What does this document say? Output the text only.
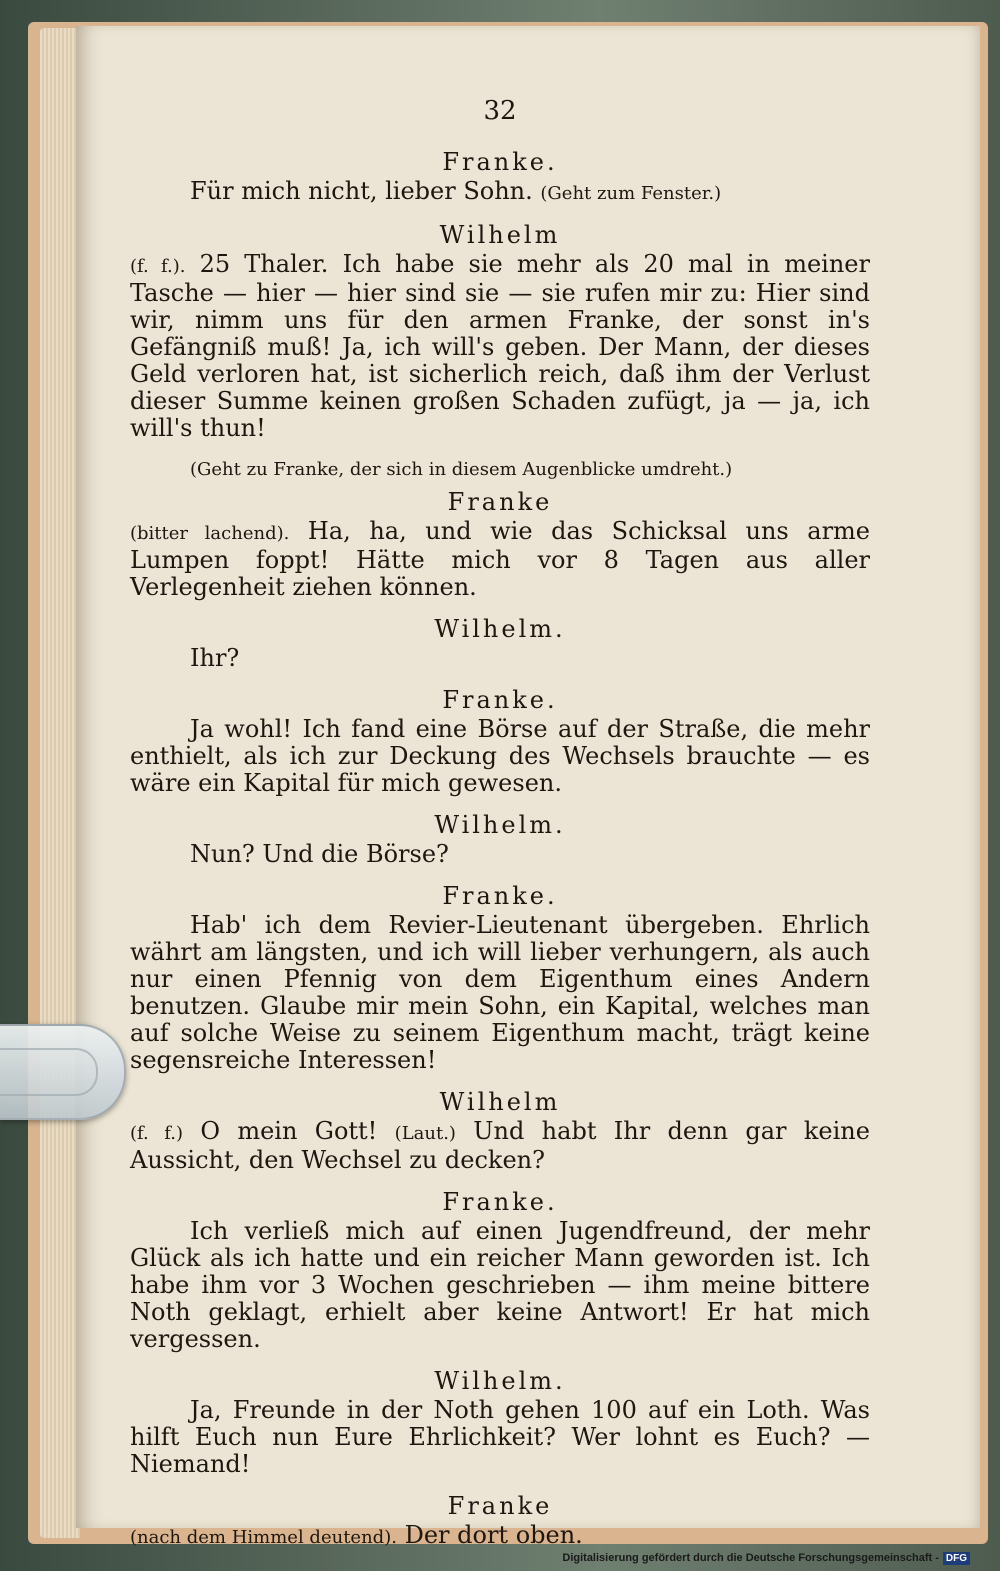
32

Franke.

Für mich nicht, lieber Sohn. (Geht zum Fenster.)

Wilhelm

(f. f.). 25 Thaler. Ich habe sie mehr als 20 mal in meiner Tasche — hier — hier sind sie — sie rufen mir zu: Hier sind wir, nimm uns für den armen Franke, der sonst in's Gefängniß muß! Ja, ich will's geben. Der Mann, der dieses Geld verloren hat, ist sicherlich reich, daß ihm der Verlust dieser Summe keinen großen Schaden zufügt, ja — ja, ich will's thun!

(Geht zu Franke, der sich in diesem Augenblicke umdreht.)

Franke

(bitter lachend). Ha, ha, und wie das Schicksal uns arme Lumpen foppt! Hätte mich vor 8 Tagen aus aller Verlegenheit ziehen können.

Wilhelm.

Ihr?

Franke.

Ja wohl! Ich fand eine Börse auf der Straße, die mehr enthielt, als ich zur Deckung des Wechsels brauchte — es wäre ein Kapital für mich gewesen.

Wilhelm.

Nun? Und die Börse?

Franke.

Hab' ich dem Revier-Lieutenant übergeben. Ehrlich währt am längsten, und ich will lieber verhungern, als auch nur einen Pfennig von dem Eigenthum eines Andern benutzen. Glaube mir mein Sohn, ein Kapital, welches man auf solche Weise zu seinem Eigenthum macht, trägt keine segensreiche Interessen!

Wilhelm

(f. f.) O mein Gott! (Laut.) Und habt Ihr denn gar keine Aussicht, den Wechsel zu decken?

Franke.

Ich verließ mich auf einen Jugendfreund, der mehr Glück als ich hatte und ein reicher Mann geworden ist. Ich habe ihm vor 3 Wochen geschrieben — ihm meine bittere Noth geklagt, erhielt aber keine Antwort! Er hat mich vergessen.

Wilhelm.

Ja, Freunde in der Noth gehen 100 auf ein Loth. Was hilft Euch nun Eure Ehrlichkeit? Wer lohnt es Euch? — Niemand!

Franke

(nach dem Himmel deutend). Der dort oben.

Digitalisierung gefördert durch die Deutsche Forschungsgemeinschaft - DFG
